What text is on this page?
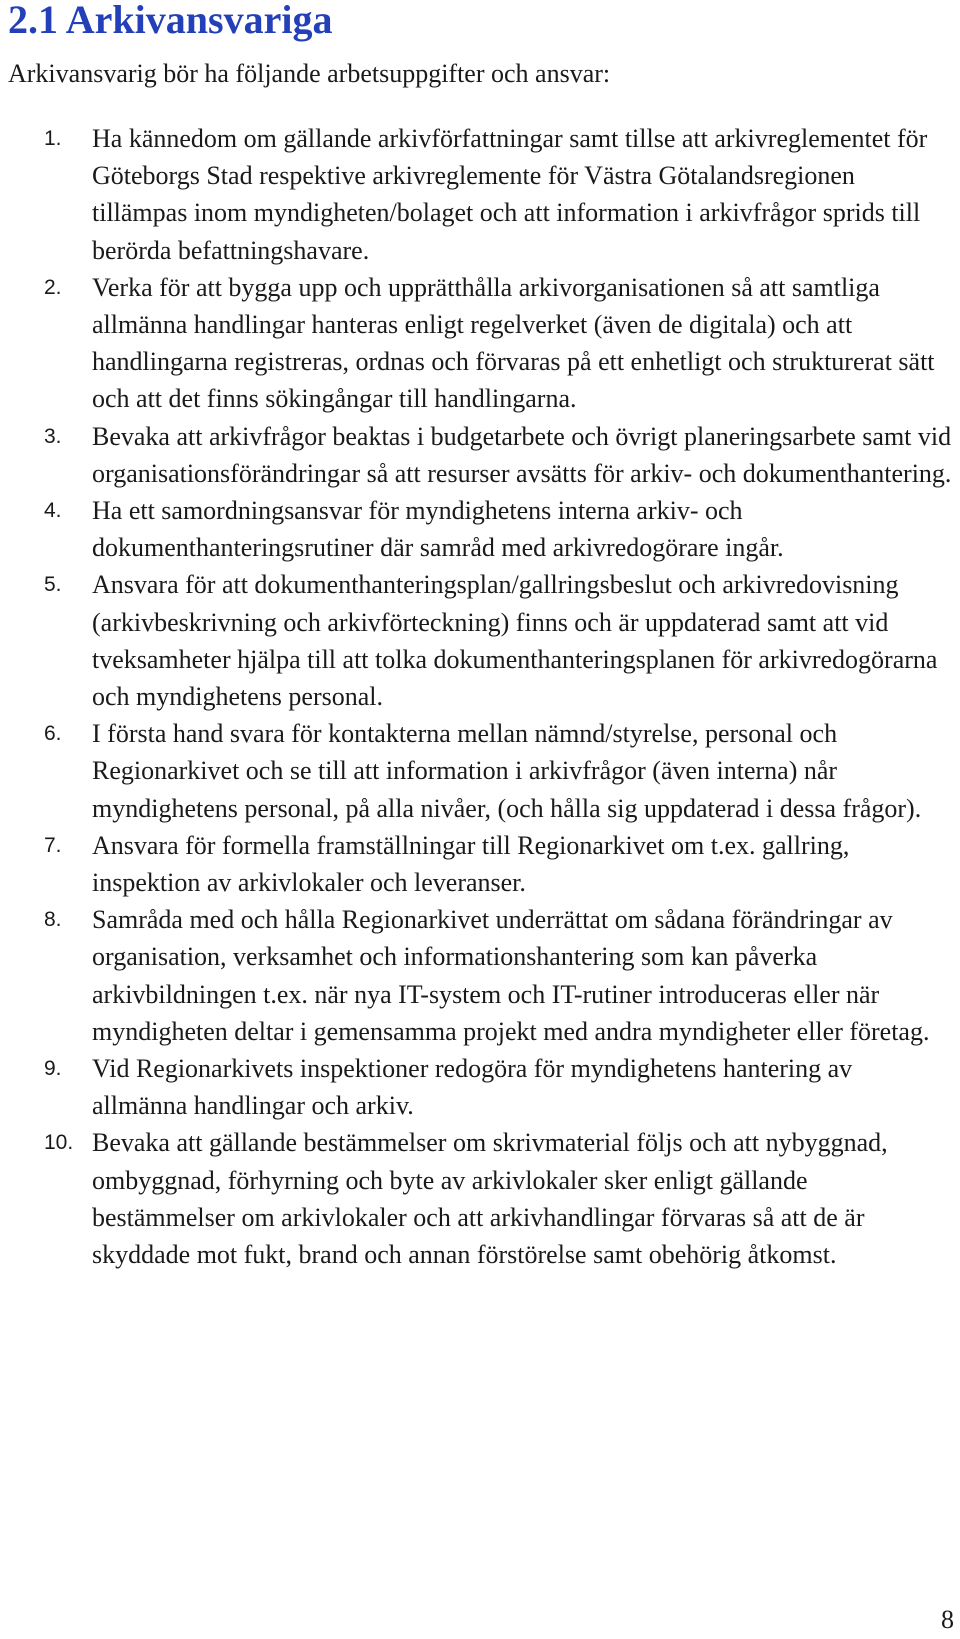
2.1 Arkivansvariga

Arkivansvarig bör ha följande arbetsuppgifter och ansvar:

1.	Ha kännedom om gällande arkivförfattningar samt tillse att arkivreglementet för Göteborgs Stad respektive arkivreglemente för Västra Götalandsregionen tillämpas inom myndigheten/bolaget och att information i arkivfrågor sprids till berörda befattningshavare.
2.	Verka för att bygga upp och upprätthålla arkivorganisationen så att samtliga allmänna handlingar hanteras enligt regelverket (även de digitala) och att handlingarna registreras, ordnas och förvaras på ett enhetligt och strukturerat sätt och att det finns sökingångar till handlingarna.
3.	Bevaka att arkivfrågor beaktas i budgetarbete och övrigt planeringsarbete samt vid organisationsförändringar så att resurser avsätts för arkiv- och dokumenthantering.
4.	Ha ett samordningsansvar för myndighetens interna arkiv- och dokumenthanteringsrutiner där samråd med arkivredogörare ingår.
5.	Ansvara för att dokumenthanteringsplan/gallringsbeslut och arkivredovisning (arkivbeskrivning och arkivförteckning) finns och är uppdaterad samt att vid tveksamheter hjälpa till att tolka dokumenthanteringsplanen för arkivredogörarna och myndighetens personal.
6.	I första hand svara för kontakterna mellan nämnd/styrelse, personal och Regionarkivet och se till att information i arkivfrågor (även interna) når myndighetens personal, på alla nivåer, (och hålla sig uppdaterad i dessa frågor).
7.	Ansvara för formella framställningar till Regionarkivet om t.ex. gallring, inspektion av arkivlokaler och leveranser.
8.	Samråda med och hålla Regionarkivet underrättat om sådana förändringar av organisation, verksamhet och informationshantering som kan påverka arkivbildningen t.ex. när nya IT-system och IT-rutiner introduceras eller när myndigheten deltar i gemensamma projekt med andra myndigheter eller företag.
9.	Vid Regionarkivets inspektioner redogöra för myndighetens hantering av allmänna handlingar och arkiv.
10. Bevaka att gällande bestämmelser om skrivmaterial följs och att nybyggnad, ombyggnad, förhyrning och byte av arkivlokaler sker enligt gällande bestämmelser om arkivlokaler och att arkivhandlingar förvaras så att de är skyddade mot fukt, brand och annan förstörelse samt obehörig åtkomst.

8
